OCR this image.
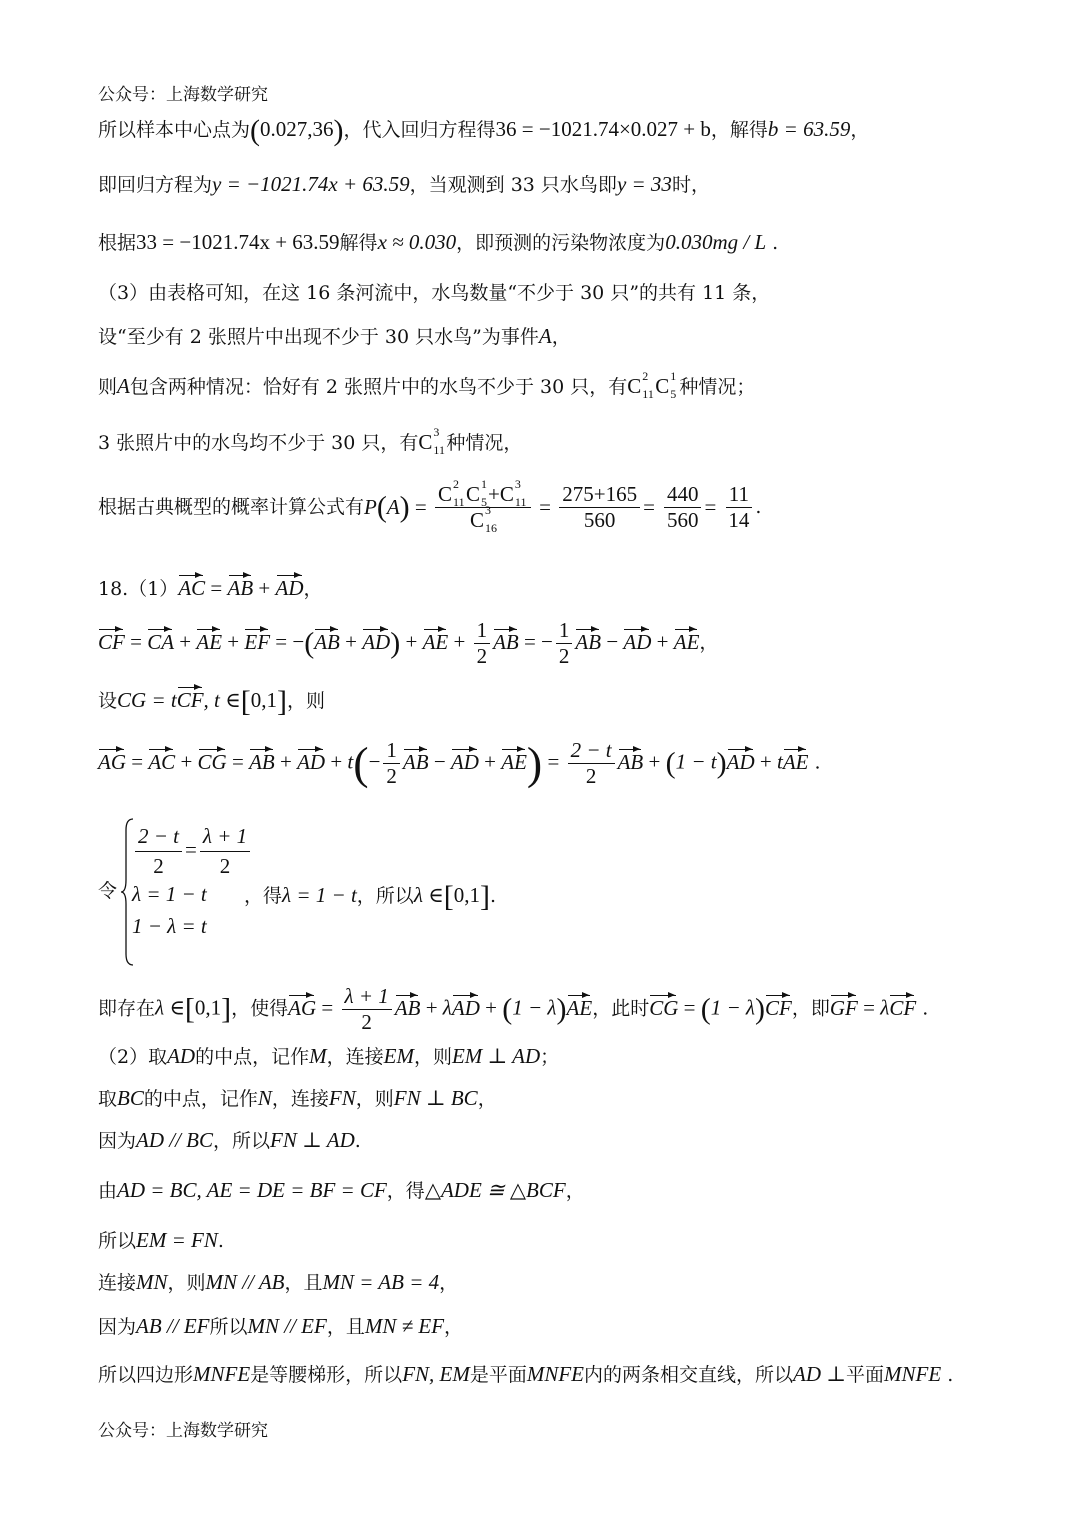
公众号：上海数学研究
所以样本中心点为(0.027,36)，代入回归方程得36 = −1021.74×0.027 + b，解得b = 63.59，
即回归方程为y = −1021.74x + 63.59，当观测到 33 只水鸟即y = 33时，
根据33 = −1021.74x + 63.59解得x ≈ 0.030，即预测的污染物浓度为0.030mg / L .
（3）由表格可知，在这 16 条河流中，水鸟数量“不少于 30 只”的共有 11 条，
设“至少有 2 张照片中出现不少于 30 只水鸟”为事件A，
则A包含两种情况：恰好有 2 张照片中的水鸟不少于 30 只，有C 2
11 C 1
5 种情况；
3 张照片中的水鸟均不少于 30 只，有C 3
11 种情况，
根据古典概型的概率计算公式有P(A) = C 2
11 C 1
5 +C 3
11
C 3
$16 = \frac{275+165}{560} = \frac{440}{560} = \frac{11}{14}$ .
18.（1）AC = AB + AD，
CF = CA + AE + EF = −(AB + AD) + AE + $\frac{1}{2}$ AB = − $\frac{1}{2}$ AB − AD + AE，
设CG = tCF, t ∈[0,1]，则
AG = AC + CG = AB + AD + $t(- \frac{1}{2}$ AB − AD + $AE) = \frac{2 - t}{2}$ AB + (1 − t)AD + tAE .
令
$\frac{2 - t}{2} = \frac{\lambda + 1}{2}$
λ = 1 − t
1 − λ = t
，得λ = 1 − t，所以λ ∈[0,1].
即存在λ ∈[0,1]，使得AG = $\frac{\lambda + 1}{2}$ AB + λAD + (1 − λ)AE，此时CG = (1 − λ)CF，即GF = λCF .
（2）取AD的中点，记作M，连接EM，则EM ⊥ AD；
取BC的中点，记作N，连接FN，则FN ⊥ BC，
因为AD // BC，所以FN ⊥ AD.
由AD = BC, AE = DE = BF = CF，得△ADE ≅ △BCF，
所以EM = FN.
连接MN，则MN // AB，且MN = AB = 4，
因为AB // EF所以MN // EF，且MN ≠ EF，
所以四边形MNFE是等腰梯形，所以FN, EM是平面MNFE内的两条相交直线，所以AD ⊥平面MNFE .
公众号：上海数学研究
